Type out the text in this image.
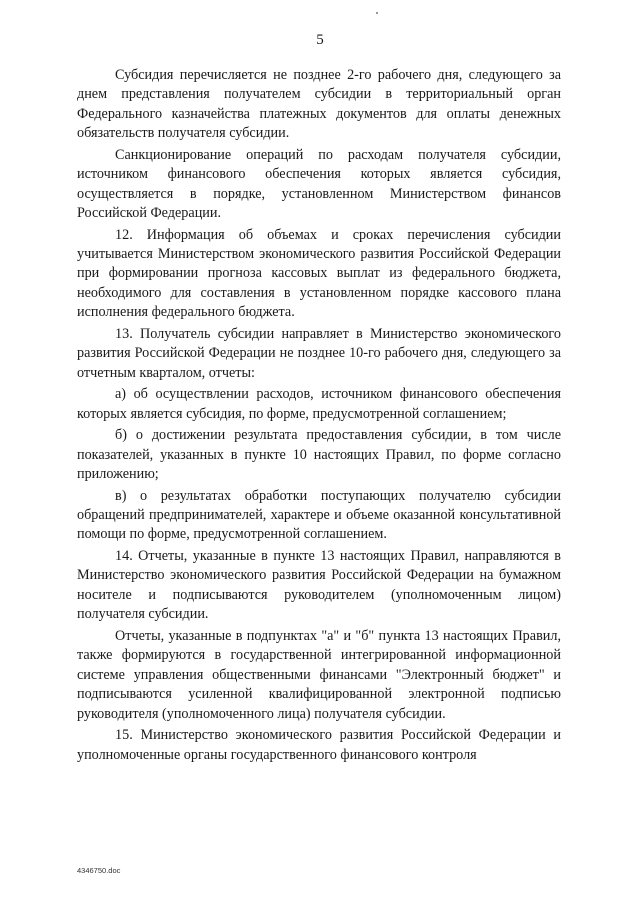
5

Субсидия перечисляется не позднее 2-го рабочего дня, следующего за днем представления получателем субсидии в территориальный орган Федерального казначейства платежных документов для оплаты денежных обязательств получателя субсидии.

Санкционирование операций по расходам получателя субсидии, источником финансового обеспечения которых является субсидия, осуществляется в порядке, установленном Министерством финансов Российской Федерации.

12. Информация об объемах и сроках перечисления субсидии учитывается Министерством экономического развития Российской Федерации при формировании прогноза кассовых выплат из федерального бюджета, необходимого для составления в установленном порядке кассового плана исполнения федерального бюджета.

13. Получатель субсидии направляет в Министерство экономического развития Российской Федерации не позднее 10-го рабочего дня, следующего за отчетным кварталом, отчеты:

а) об осуществлении расходов, источником финансового обеспечения которых является субсидия, по форме, предусмотренной соглашением;

б) о достижении результата предоставления субсидии, в том числе показателей, указанных в пункте 10 настоящих Правил, по форме согласно приложению;

в) о результатах обработки поступающих получателю субсидии обращений предпринимателей, характере и объеме оказанной консультативной помощи по форме, предусмотренной соглашением.

14. Отчеты, указанные в пункте 13 настоящих Правил, направляются в Министерство экономического развития Российской Федерации на бумажном носителе и подписываются руководителем (уполномоченным лицом) получателя субсидии.

Отчеты, указанные в подпунктах "а" и "б" пункта 13 настоящих Правил, также формируются в государственной интегрированной информационной системе управления общественными финансами "Электронный бюджет" и подписываются усиленной квалифицированной электронной подписью руководителя (уполномоченного лица) получателя субсидии.

15. Министерство экономического развития Российской Федерации и уполномоченные органы государственного финансового контроля

4346750.doc
